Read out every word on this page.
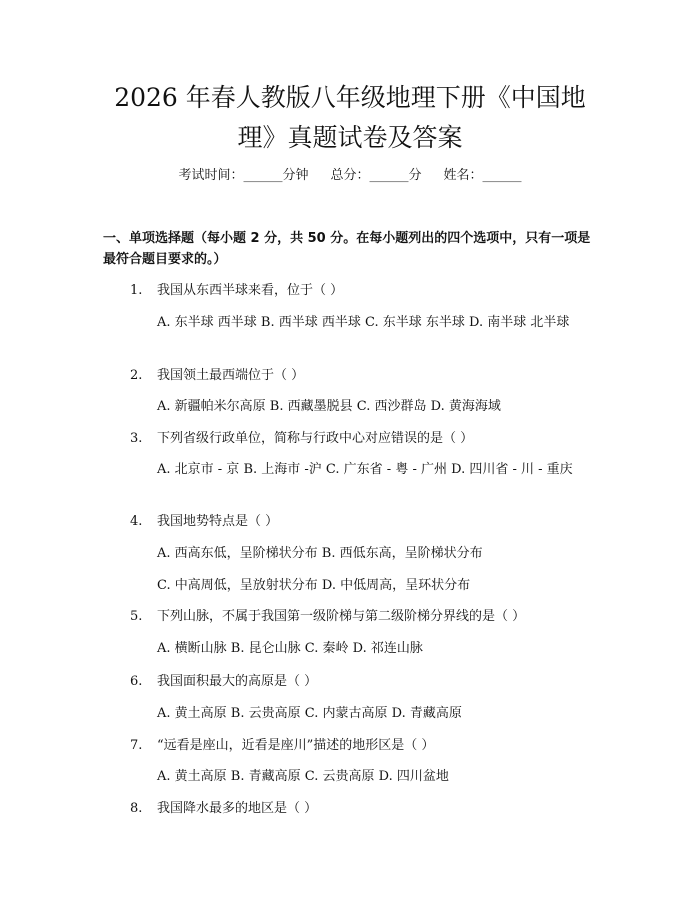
2026 年春人教版八年级地理下册《中国地
理》真题试卷及答案
考试时间：______分钟 总分：______分 姓名：______
一、单项选择题（每小题 2 分，共 50 分。在每小题列出的四个选项中，只有一项是最符合题目要求的。）
1. 我国从东西半球来看，位于（ ）
A. 东半球 西半球 B. 西半球 西半球 C. 东半球 东半球 D. 南半球 北半球
2. 我国领土最西端位于（ ）
A. 新疆帕米尔高原 B. 西藏墨脱县 C. 西沙群岛 D. 黄海海域
3. 下列省级行政单位，简称与行政中心对应错误的是（ ）
A. 北京市 - 京 B. 上海市 -沪 C. 广东省 - 粤 - 广州 D. 四川省 - 川 - 重庆
4. 我国地势特点是（ ）
A. 西高东低，呈阶梯状分布 B. 西低东高，呈阶梯状分布
C. 中高周低，呈放射状分布 D. 中低周高，呈环状分布
5. 下列山脉，不属于我国第一级阶梯与第二级阶梯分界线的是（ ）
A. 横断山脉 B. 昆仑山脉 C. 秦岭 D. 祁连山脉
6. 我国面积最大的高原是（ ）
A. 黄土高原 B. 云贵高原 C. 内蒙古高原 D. 青藏高原
7. “远看是座山，近看是座川”描述的地形区是（ ）
A. 黄土高原 B. 青藏高原 C. 云贵高原 D. 四川盆地
8. 我国降水最多的地区是（ ）
